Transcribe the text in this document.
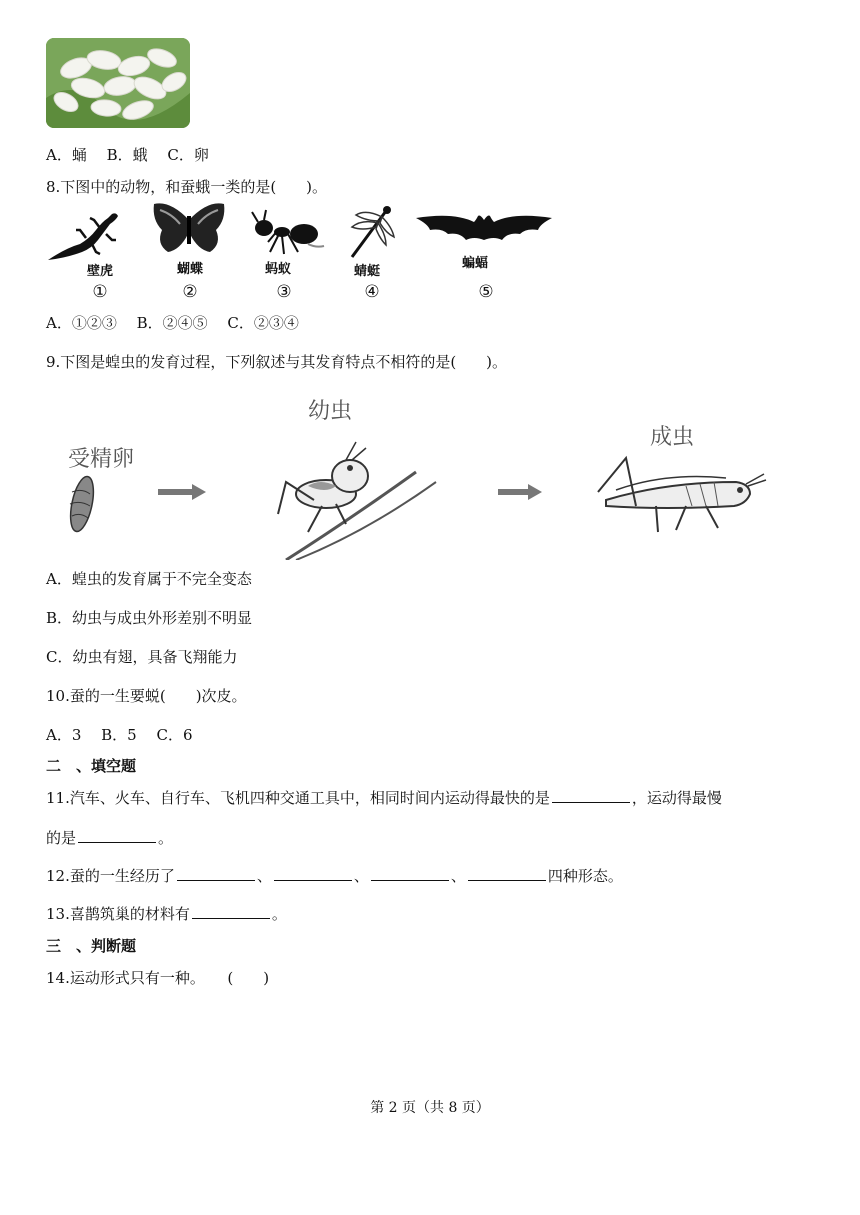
A．蛹　 B．蛾　 C．卵
8.下图中的动物，和蚕蛾一类的是(　　)。
壁虎	蝴蝶	蚂蚁	蜻蜓
蝙蝠
①	②	③	④	⑤
A．①②③　 B．②④⑤　 C．②③④
9.下图是蝗虫的发育过程，下列叙述与其发育特点不相符的是(　　)。
受精卵
幼虫
成虫
A．蝗虫的发育属于不完全变态
B．幼虫与成虫外形差别不明显
C．幼虫有翅，具备飞翔能力
10.蚕的一生要蜕(　　)次皮。
A．3　 B．5　 C．6
二　、填空题
11.汽车、火车、自行车、飞机四种交通工具中，相同时间内运动得最快的是	，运动得最慢
的是	。
12.蚕的一生经历了	、	、	、	四种形态。
13.喜鹊筑巢的材料有	。
三　、判断题
14.运动形式只有一种。　　(　　)
第 2 页（共 8 页）
